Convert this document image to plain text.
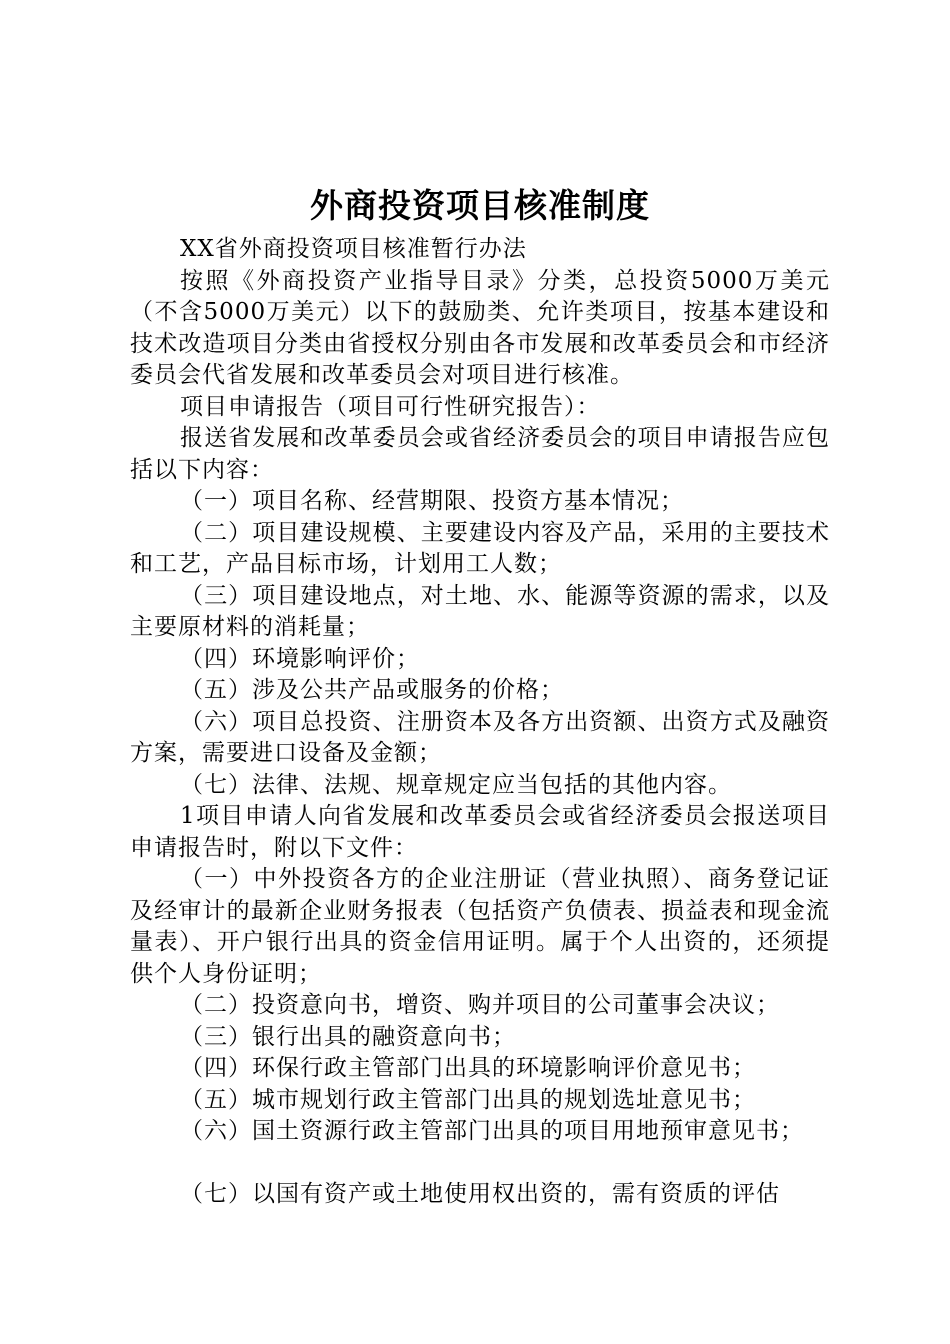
外商投资项目核准制度

XX省外商投资项目核准暂行办法

按照《外商投资产业指导目录》分类，总投资5000万美元（不含5000万美元）以下的鼓励类、允许类项目，按基本建设和技术改造项目分类由省授权分别由各市发展和改革委员会和市经济委员会代省发展和改革委员会对项目进行核准。

项目申请报告（项目可行性研究报告）：

报送省发展和改革委员会或省经济委员会的项目申请报告应包括以下内容：

（一）项目名称、经营期限、投资方基本情况；

（二）项目建设规模、主要建设内容及产品，采用的主要技术和工艺，产品目标市场，计划用工人数；

（三）项目建设地点，对土地、水、能源等资源的需求，以及主要原材料的消耗量；

（四）环境影响评价；

（五）涉及公共产品或服务的价格；

（六）项目总投资、注册资本及各方出资额、出资方式及融资方案，需要进口设备及金额；

（七）法律、法规、规章规定应当包括的其他内容。

1项目申请人向省发展和改革委员会或省经济委员会报送项目申请报告时，附以下文件：

（一）中外投资各方的企业注册证（营业执照）、商务登记证及经审计的最新企业财务报表（包括资产负债表、损益表和现金流量表）、开户银行出具的资金信用证明。属于个人出资的，还须提供个人身份证明；

（二）投资意向书，增资、购并项目的公司董事会决议；

（三）银行出具的融资意向书；

（四）环保行政主管部门出具的环境影响评价意见书；

（五）城市规划行政主管部门出具的规划选址意见书；

（六）国土资源行政主管部门出具的项目用地预审意见书；

（七）以国有资产或土地使用权出资的，需有资质的评估
